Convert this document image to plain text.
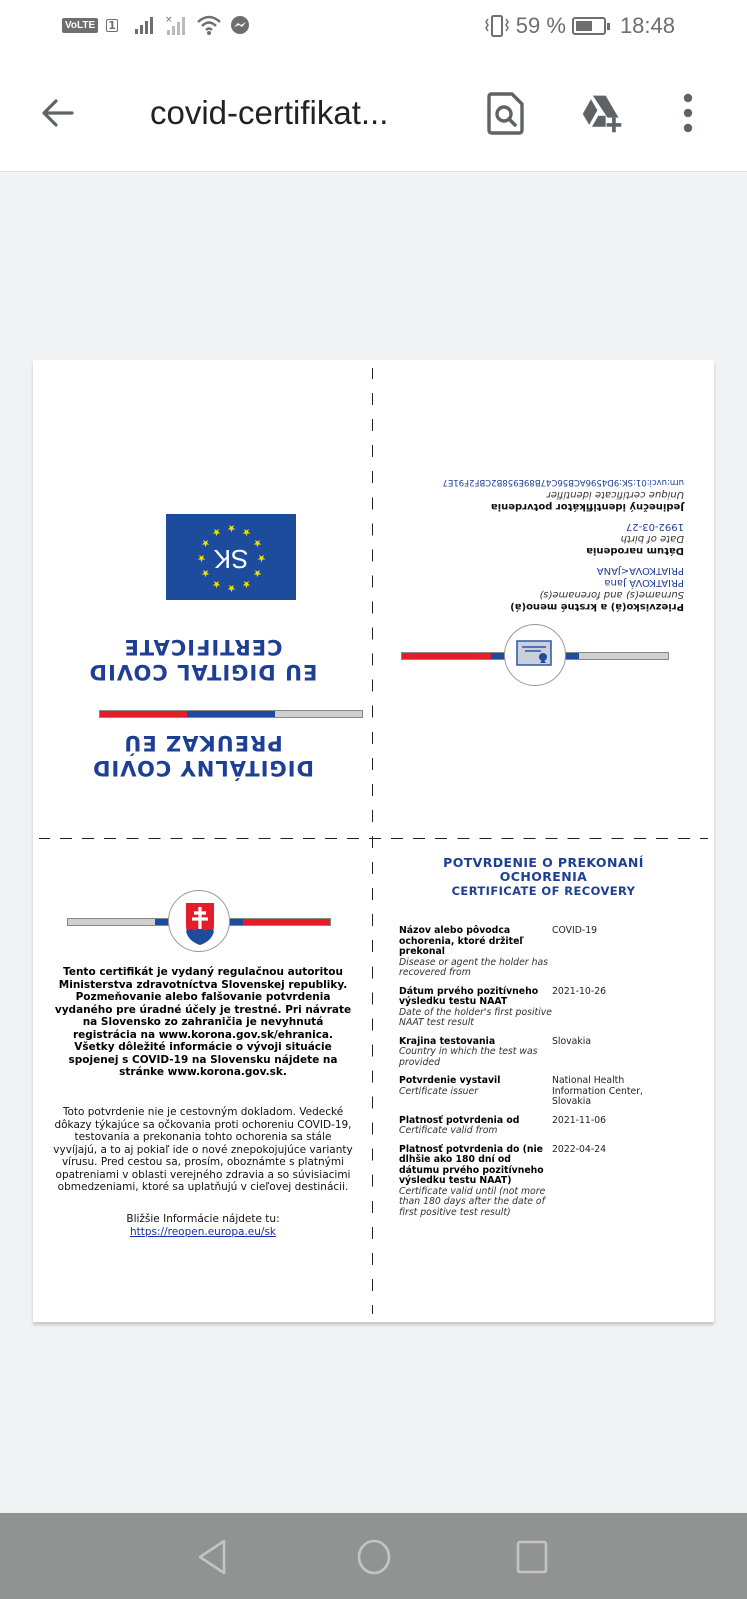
VoLTE 1	×	59 % 18:48
covid-certifikat...
DIGITÁLNY COVID
PREUKAZ EÚ
EU DIGITAL COVID
CERTIFICATE
SK
★
★
★ ★ ★
★
★
★
★
★
★
★
Priezvisko(á) a krstné meno(á)
Surname(s) and forename(s)
PRIATKOVÁ Jana
PRIATKOVA<JANA
Dátum narodenia
Date of birth
1992-03-27
Jedinečný identifikátor potvrdenia
Unique certificate identifier
urn:uvci:01:SK:9D4596ACB56C47B89E958B2CBF2F91E7
Tento certifikát je vydaný regulačnou autoritou Ministerstva zdravotníctva Slovenskej republiky. Pozmeňovanie alebo falšovanie potvrdenia vydaného pre úradné účely je trestné. Pri návrate na Slovensko zo zahraničia je nevyhnutá registrácia na www.korona.gov.sk/ehranica. Všetky dôležité informácie o vývoji situácie spojenej s COVID-19 na Slovensku nájdete na stránke www.korona.gov.sk.
Toto potvrdenie nie je cestovným dokladom. Vedecké dôkazy týkajúce sa očkovania proti ochoreniu COVID-19, testovania a prekonania tohto ochorenia sa stále vyvíjajú, a to aj pokiaľ ide o nové znepokojujúce varianty vírusu. Pred cestou sa, prosím, oboznámte s platnými opatreniami v oblasti verejného zdravia a so súvisiacimi obmedzeniami, ktoré sa uplatňujú v cieľovej destinácii.
Bližšie Informácie nájdete tu:
https://reopen.europa.eu/sk
POTVRDENIE O PREKONANÍ
OCHORENIA
CERTIFICATE OF RECOVERY
Názov alebo pôvodca ochorenia, ktoré držiteľ prekonal
Disease or agent the holder has recovered from
COVID-19
Dátum prvého pozitívneho výsledku testu NAAT
Date of the holder's first positive NAAT test result
2021-10-26
Krajina testovania
Country in which the test was provided
Slovakia
Potvrdenie vystavil
Certificate issuer
National Health Information Center, Slovakia
Platnosť potvrdenia od
Certificate valid from
2021-11-06
Platnosť potvrdenia do (nie dlhšie ako 180 dní od dátumu prvého pozitívneho výsledku testu NAAT)
Certificate valid until (not more than 180 days after the date of first positive test result)
2022-04-24
